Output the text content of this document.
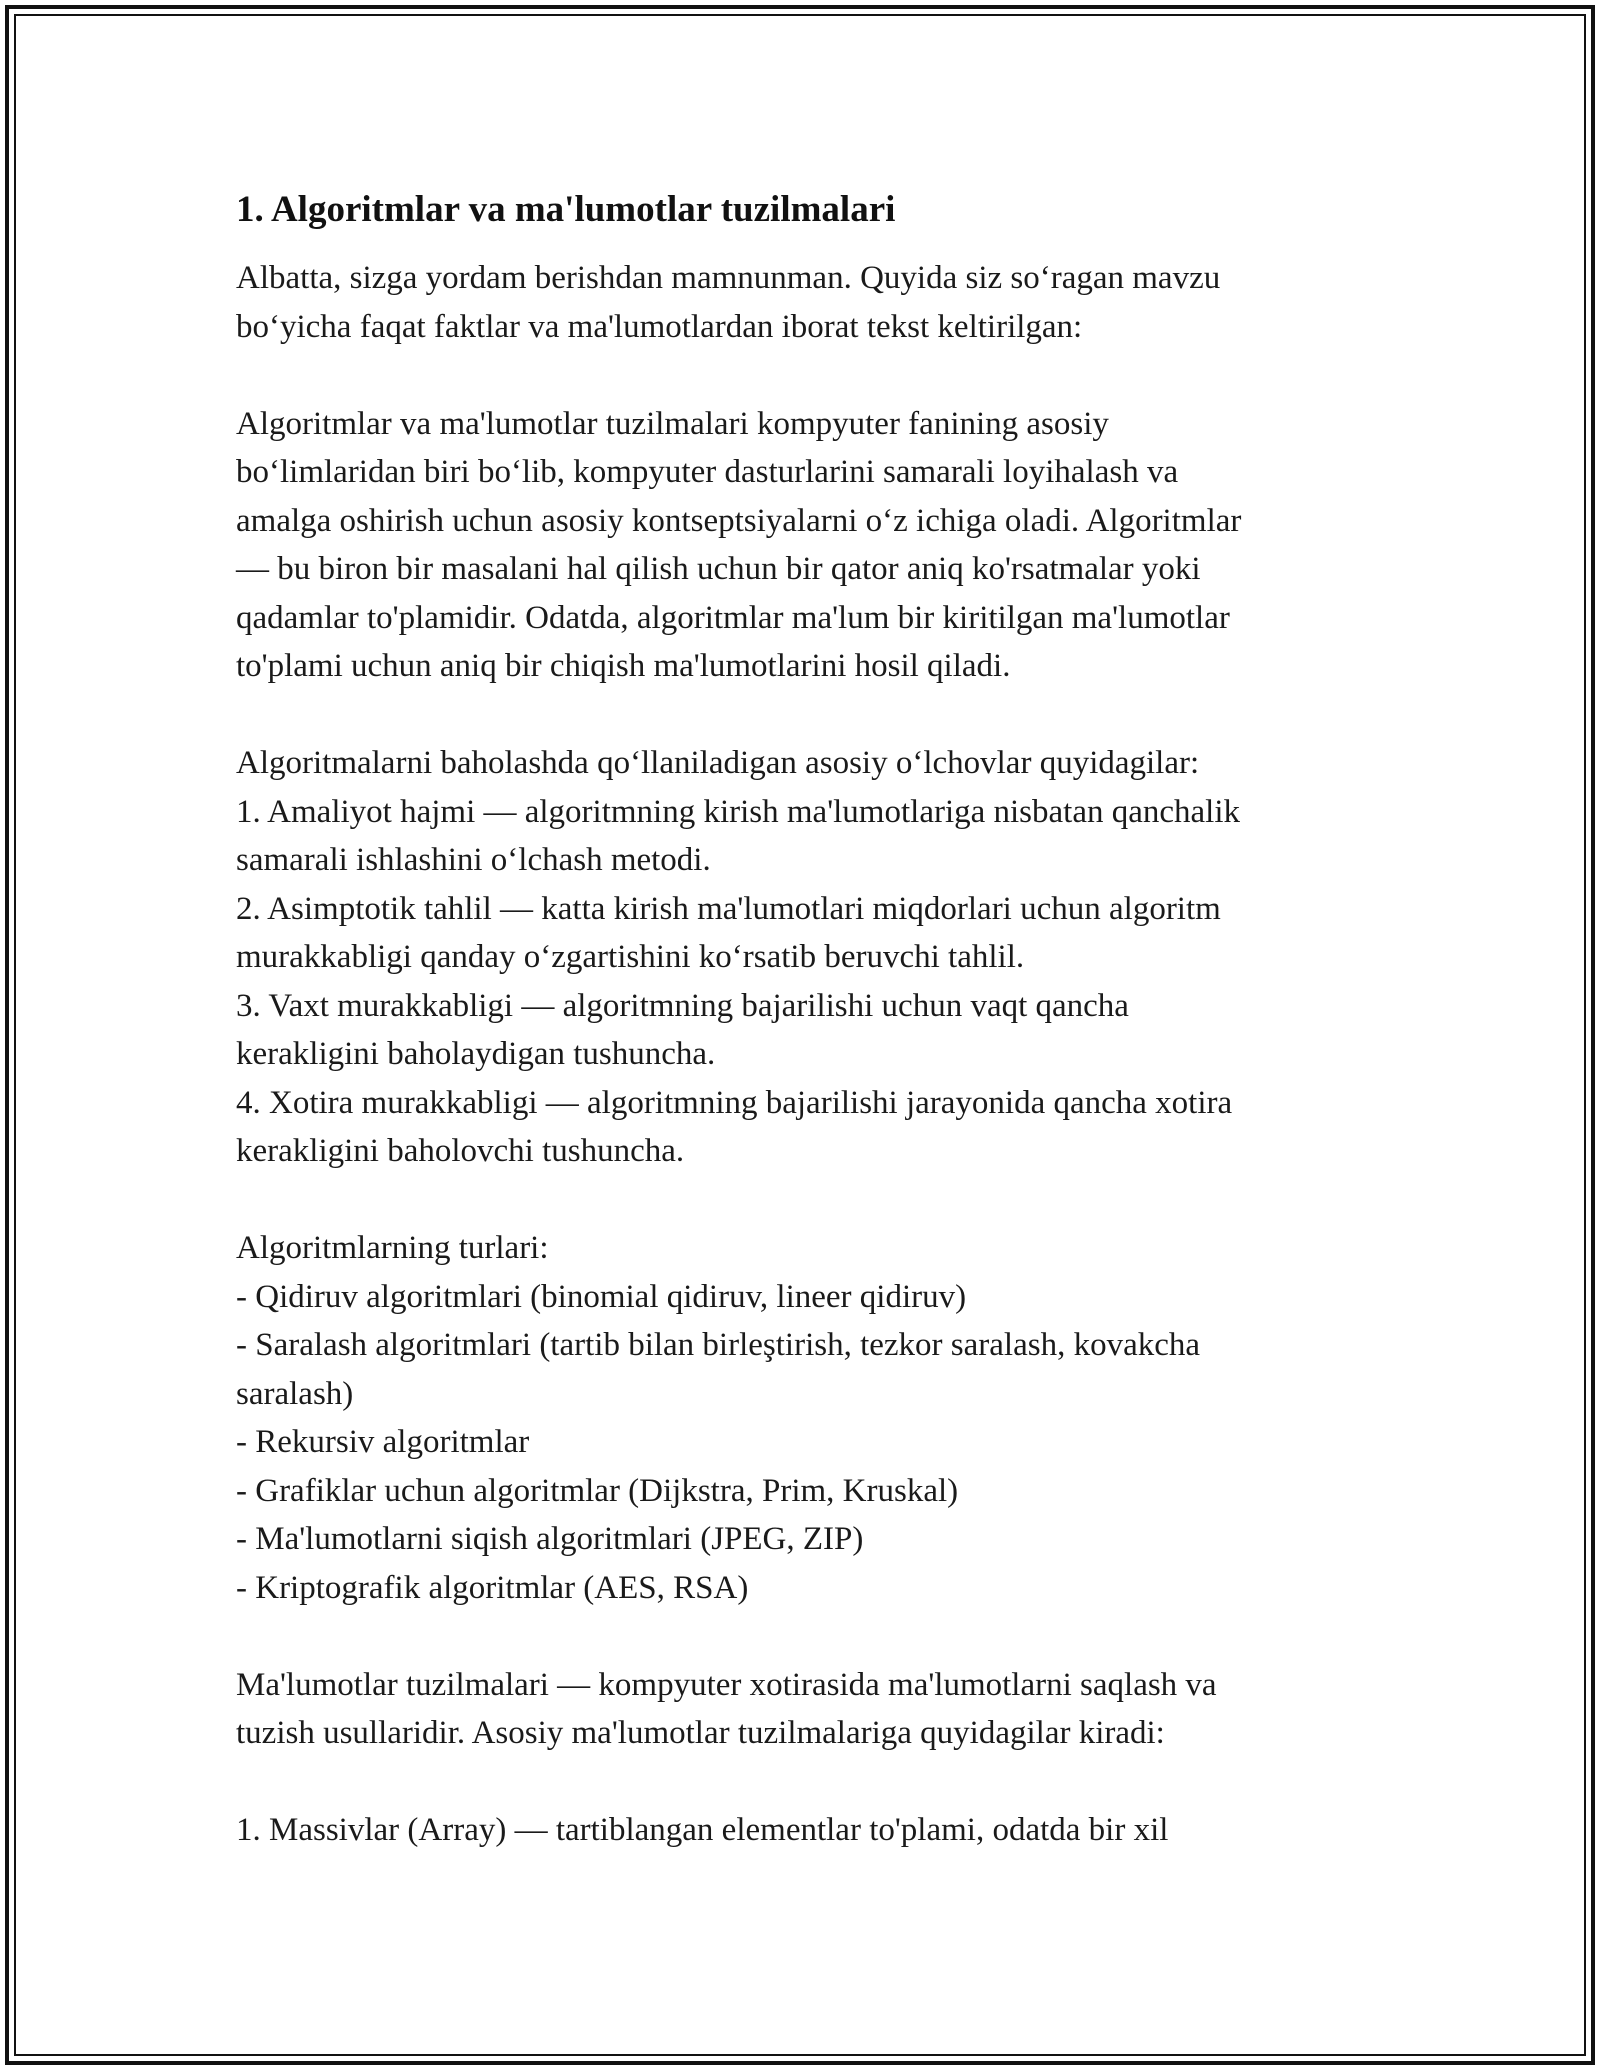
1. Algoritmlar va ma'lumotlar tuzilmalari
Albatta, sizga yordam berishdan mamnunman. Quyida siz so‘ragan mavzu
bo‘yicha faqat faktlar va ma'lumotlardan iborat tekst keltirilgan:
Algoritmlar va ma'lumotlar tuzilmalari kompyuter fanining asosiy
bo‘limlaridan biri bo‘lib, kompyuter dasturlarini samarali loyihalash va
amalga oshirish uchun asosiy kontseptsiyalarni o‘z ichiga oladi. Algoritmlar
— bu biron bir masalani hal qilish uchun bir qator aniq ko'rsatmalar yoki
qadamlar to'plamidir. Odatda, algoritmlar ma'lum bir kiritilgan ma'lumotlar
to'plami uchun aniq bir chiqish ma'lumotlarini hosil qiladi.
Algoritmalarni baholashda qo‘llaniladigan asosiy o‘lchovlar quyidagilar:
1. Amaliyot hajmi — algoritmning kirish ma'lumotlariga nisbatan qanchalik
samarali ishlashini o‘lchash metodi.
2. Asimptotik tahlil — katta kirish ma'lumotlari miqdorlari uchun algoritm
murakkabligi qanday o‘zgartishini ko‘rsatib beruvchi tahlil.
3. Vaxt murakkabligi — algoritmning bajarilishi uchun vaqt qancha
kerakligini baholaydigan tushuncha.
4. Xotira murakkabligi — algoritmning bajarilishi jarayonida qancha xotira
kerakligini baholovchi tushuncha.
Algoritmlarning turlari:
- Qidiruv algoritmlari (binomial qidiruv, lineer qidiruv)
- Saralash algoritmlari (tartib bilan birleştirish, tezkor saralash, kovakcha
saralash)
- Rekursiv algoritmlar
- Grafiklar uchun algoritmlar (Dijkstra, Prim, Kruskal)
- Ma'lumotlarni siqish algoritmlari (JPEG, ZIP)
- Kriptografik algoritmlar (AES, RSA)
Ma'lumotlar tuzilmalari — kompyuter xotirasida ma'lumotlarni saqlash va
tuzish usullaridir. Asosiy ma'lumotlar tuzilmalariga quyidagilar kiradi:
1. Massivlar (Array) — tartiblangan elementlar to'plami, odatda bir xil
